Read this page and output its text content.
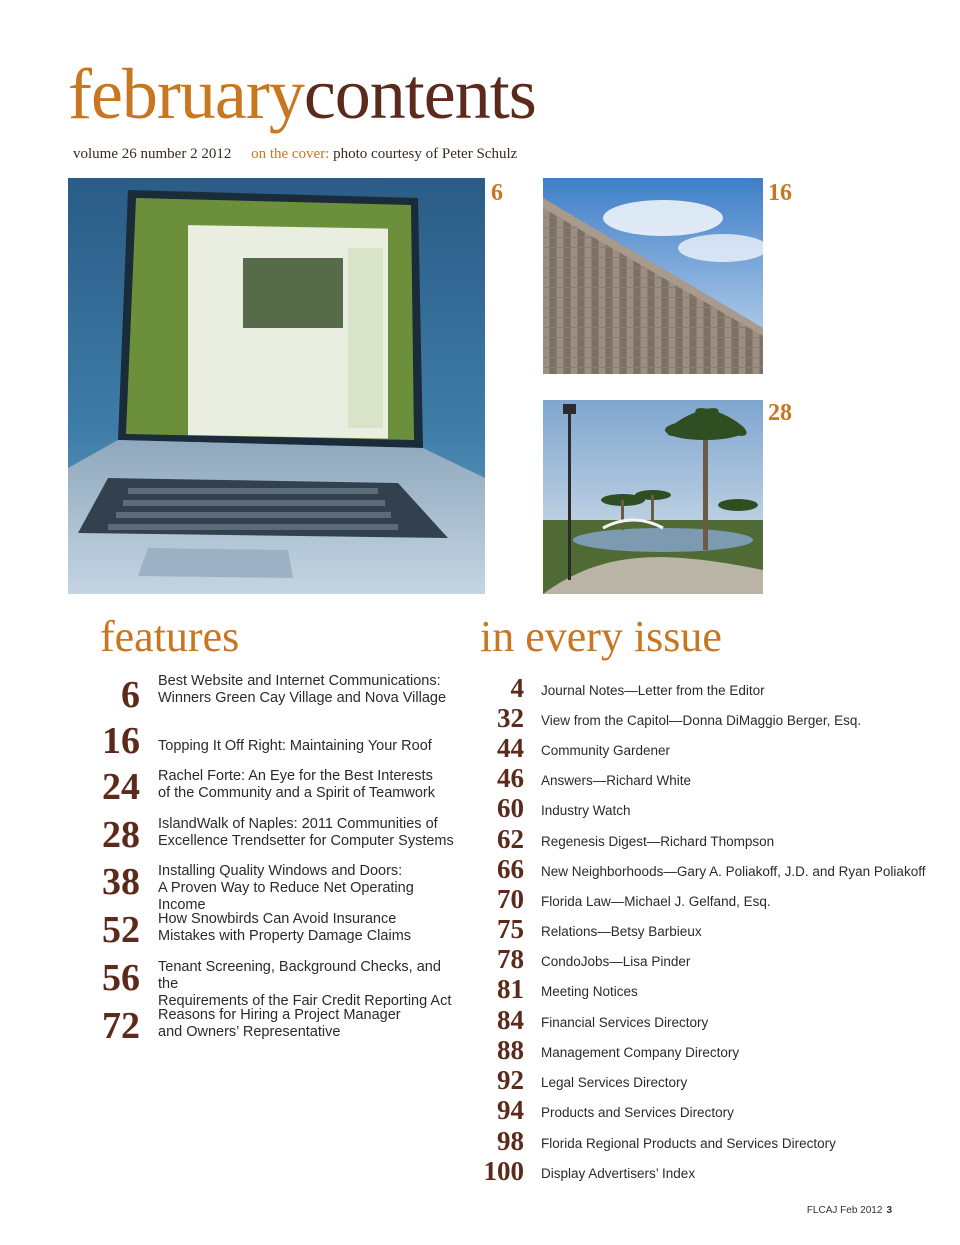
februarycontents
volume 26 number 2 2012 on the cover: photo courtesy of Peter Schulz
6	16
28
features
6 Best Website and Internet Communications:
Winners Green Cay Village and Nova Village
16 Topping It Off Right: Maintaining Your Roof
24 Rachel Forte: An Eye for the Best Interests
of the Community and a Spirit of Teamwork
28 IslandWalk of Naples: 2011 Communities of
Excellence Trendsetter for Computer Systems
38 Installing Quality Windows and Doors:
A Proven Way to Reduce Net Operating Income
52 How Snowbirds Can Avoid Insurance
Mistakes with Property Damage Claims
56 Tenant Screening, Background Checks, and the
Requirements of the Fair Credit Reporting Act
72 Reasons for Hiring a Project Manager
and Owners’ Representative
in every issue
4 Journal Notes—Letter from the Editor
32 View from the Capitol—Donna DiMaggio Berger, Esq.
44 Community Gardener
46 Answers—Richard White
60 Industry Watch
62 Regenesis Digest—Richard Thompson
66 New Neighborhoods—Gary A. Poliakoff, J.D. and Ryan Poliakoff
70 Florida Law—Michael J. Gelfand, Esq.
75 Relations—Betsy Barbieux
78 CondoJobs—Lisa Pinder
81 Meeting Notices
84 Financial Services Directory
88 Management Company Directory
92 Legal Services Directory
94 Products and Services Directory
98 Florida Regional Products and Services Directory
100 Display Advertisers’ Index
FLCAJ Feb 2012 3
